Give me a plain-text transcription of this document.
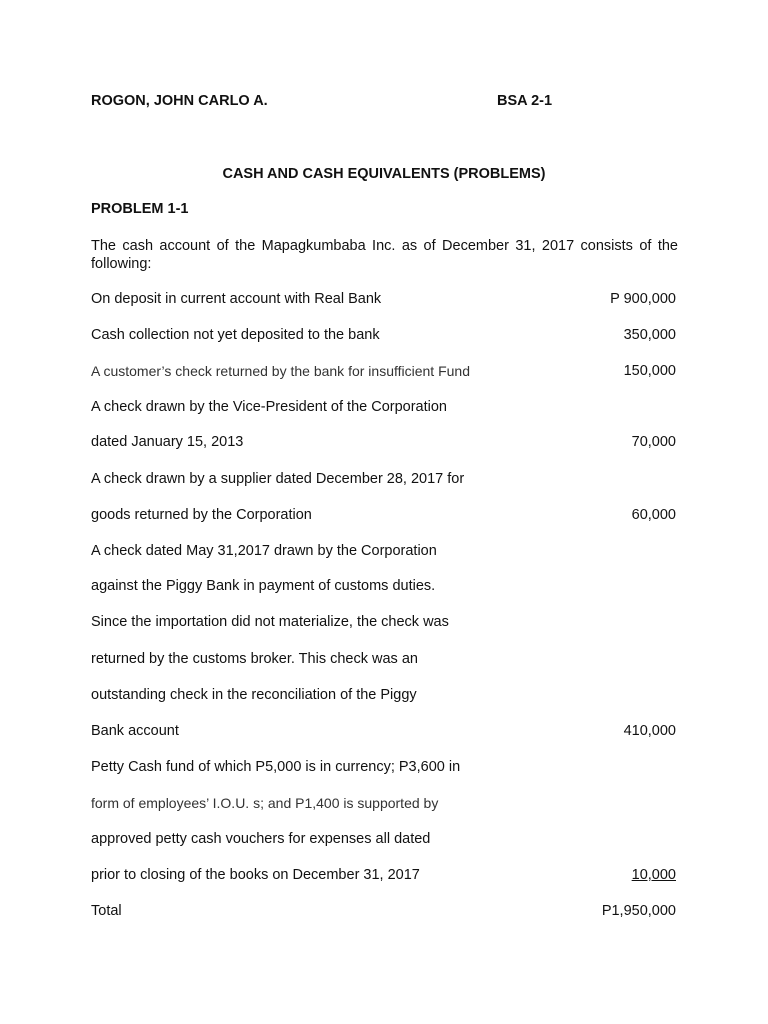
ROGON, JOHN CARLO A.	BSA 2-1
CASH AND CASH EQUIVALENTS (PROBLEMS)
PROBLEM 1-1
The cash account of the Mapagkumbaba Inc. as of December 31, 2017 consists of the following:
On deposit in current account with Real Bank	P 900,000
Cash collection not yet deposited to the bank	350,000
A customer’s check returned by the bank for insufficient Fund	150,000
A check drawn by the Vice-President of the Corporation
dated January 15, 2013	70,000
A check drawn by a supplier dated December 28, 2017 for
goods returned by the Corporation	60,000
A check dated May 31,2017 drawn by the Corporation
against the Piggy Bank in payment of customs duties.
Since the importation did not materialize, the check was
returned by the customs broker. This check was an
outstanding check in the reconciliation of the Piggy
Bank account	410,000
Petty Cash fund of which P5,000 is in currency; P3,600 in
form of employees’ I.O.U. s; and P1,400 is supported by
approved petty cash vouchers for expenses all dated
prior to closing of the books on December 31, 2017	10,000
Total	P1,950,000
